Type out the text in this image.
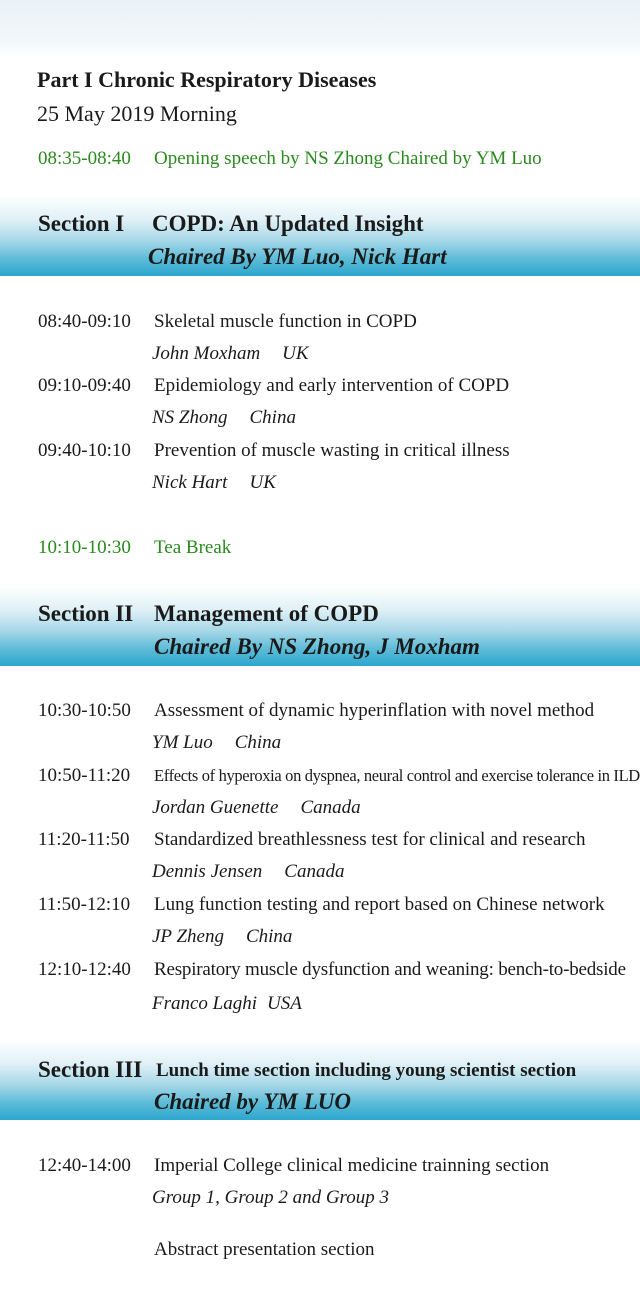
Part I Chronic Respiratory Diseases
25 May 2019 Morning
08:35-08:40 Opening speech by NS Zhong Chaired by YM Luo
Section I COPD: An Updated Insight
Chaired By YM Luo, Nick Hart
08:40-09:10 Skeletal muscle function in COPD
John Moxham UK
09:10-09:40 Epidemiology and early intervention of COPD
NS Zhong China
09:40-10:10 Prevention of muscle wasting in critical illness
Nick Hart UK
10:10-10:30 Tea Break
Section II Management of COPD
Chaired By NS Zhong, J Moxham
10:30-10:50 Assessment of dynamic hyperinflation with novel method
YM Luo China
10:50-11:20 Effects of hyperoxia on dyspnea, neural control and exercise tolerance in ILD
Jordan Guenette Canada
11:20-11:50 Standardized breathlessness test for clinical and research
Dennis Jensen Canada
11:50-12:10 Lung function testing and report based on Chinese network
JP Zheng China
12:10-12:40 Respiratory muscle dysfunction and weaning: bench-to-bedside
Franco Laghi USA
Section III Lunch time section including young scientist section
Chaired by YM LUO
12:40-14:00 Imperial College clinical medicine trainning section
Group 1, Group 2 and Group 3
Abstract presentation section
